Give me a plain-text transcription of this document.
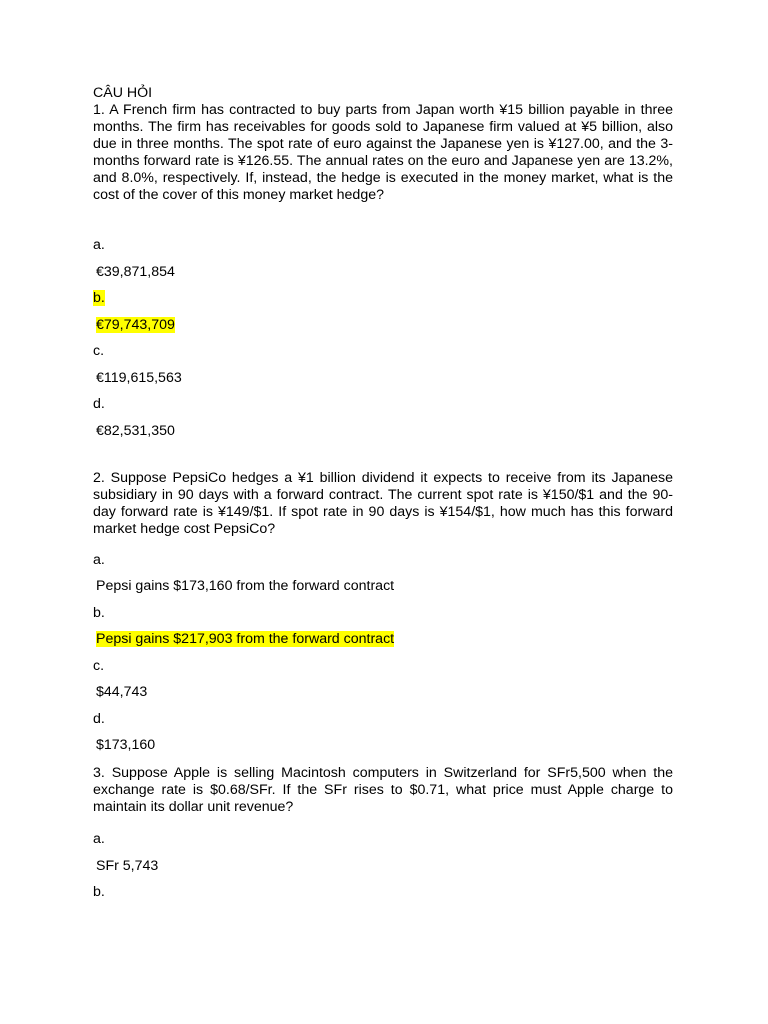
CÂU HỎI

1. A French firm has contracted to buy parts from Japan worth ¥15 billion payable in three months. The firm has receivables for goods sold to Japanese firm valued at ¥5 billion, also due in three months. The spot rate of euro against the Japanese yen is ¥127.00, and the 3-months forward rate is ¥126.55. The annual rates on the euro and Japanese yen are 13.2%, and 8.0%, respectively. If, instead, the hedge is executed in the money market, what is the cost of the cover of this money market hedge?

a.

€39,871,854

b.

€79,743,709

c.

€119,615,563

d.

€82,531,350

2. Suppose PepsiCo hedges a ¥1 billion dividend it expects to receive from its Japanese subsidiary in 90 days with a forward contract. The current spot rate is ¥150/$1 and the 90-day forward rate is ¥149/$1. If spot rate in 90 days is ¥154/$1, how much has this forward market hedge cost PepsiCo?

a.

Pepsi gains $173,160 from the forward contract

b.

Pepsi gains $217,903 from the forward contract

c.

$44,743

d.

$173,160

3. Suppose Apple is selling Macintosh computers in Switzerland for SFr5,500 when the exchange rate is $0.68/SFr. If the SFr rises to $0.71, what price must Apple charge to maintain its dollar unit revenue?

a.

SFr 5,743

b.
